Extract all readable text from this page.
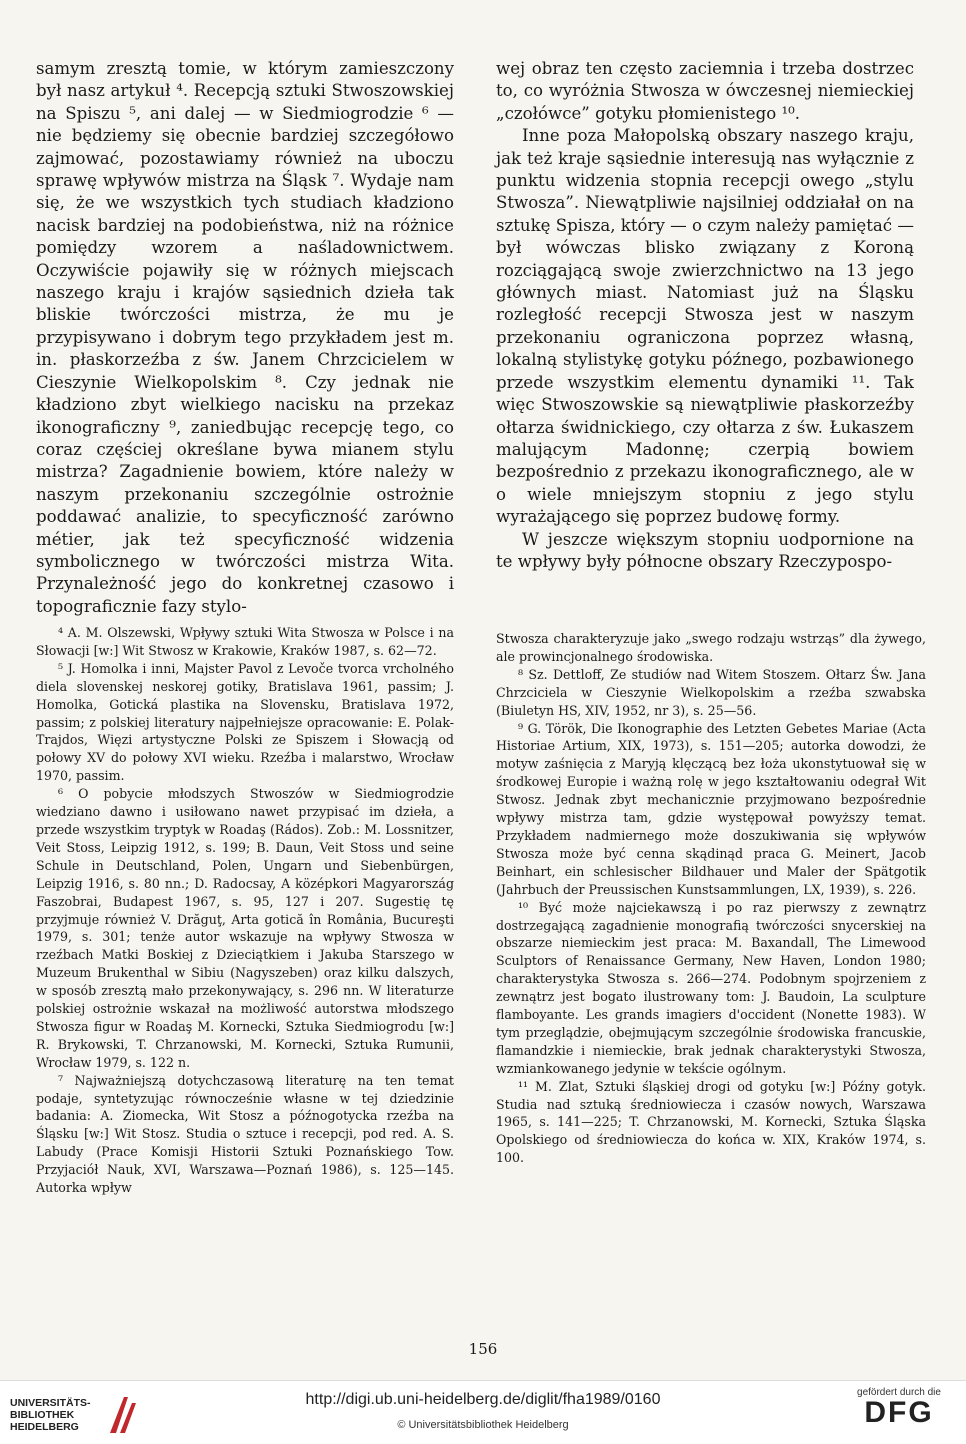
samym zresztą tomie, w którym zamieszczony był nasz artykuł ⁴. Recepcją sztuki Stwoszowskiej na Spiszu ⁵, ani dalej — w Siedmiogrodzie ⁶ — nie będziemy się obecnie bardziej szczegółowo zajmować, pozostawiamy również na uboczu sprawę wpływów mistrza na Śląsk ⁷. Wydaje nam się, że we wszystkich tych studiach kładziono nacisk bardziej na podobieństwa, niż na różnice pomiędzy wzorem a naśladownictwem. Oczywiście pojawiły się w różnych miejscach naszego kraju i krajów sąsiednich dzieła tak bliskie twórczości mistrza, że mu je przypisywano i dobrym tego przykładem jest m. in. płaskorzeźba z św. Janem Chrzcicielem w Cieszynie Wielkopolskim ⁸. Czy jednak nie kładziono zbyt wielkiego nacisku na przekaz ikonograficzny ⁹, zaniedbując recepcję tego, co coraz częściej określane bywa mianem stylu mistrza? Zagadnienie bowiem, które należy w naszym przekonaniu szczególnie ostrożnie poddawać analizie, to specyficzność zarówno métier, jak też specyficzność widzenia symbolicznego w twórczości mistrza Wita. Przynależność jego do konkretnej czasowo i topograficznie fazy stylo-

wej obraz ten często zaciemnia i trzeba dostrzec to, co wyróżnia Stwosza w ówczesnej niemieckiej „czołówce” gotyku płomienistego ¹⁰.

Inne poza Małopolską obszary naszego kraju, jak też kraje sąsiednie interesują nas wyłącznie z punktu widzenia stopnia recepcji owego „stylu Stwosza”. Niewątpliwie najsilniej oddziałał on na sztukę Spisza, który — o czym należy pamiętać — był wówczas blisko związany z Koroną rozciągającą swoje zwierzchnictwo na 13 jego głównych miast. Natomiast już na Śląsku rozległość recepcji Stwosza jest w naszym przekonaniu ograniczona poprzez własną, lokalną stylistykę gotyku późnego, pozbawionego przede wszystkim elementu dynamiki ¹¹. Tak więc Stwoszowskie są niewątpliwie płaskorzeźby ołtarza świdnickiego, czy ołtarza z św. Łukaszem malującym Madonnę; czerpią bowiem bezpośrednio z przekazu ikonograficznego, ale w o wiele mniejszym stopniu z jego stylu wyrażającego się poprzez budowę formy.

W jeszcze większym stopniu uodpornione na te wpływy były północne obszary Rzeczypospo-

⁴ A. M. Olszewski, Wpływy sztuki Wita Stwosza w Polsce i na Słowacji [w:] Wit Stwosz w Krakowie, Kraków 1987, s. 62—72.

⁵ J. Homolka i inni, Majster Pavol z Levoče tvorca vrcholného diela slovenskej neskorej gotiky, Bratislava 1961, passim; J. Homolka, Gotická plastika na Slovensku, Bratislava 1972, passim; z polskiej literatury najpełniejsze opracowanie: E. Polak-Trajdos, Więzi artystyczne Polski ze Spiszem i Słowacją od połowy XV do połowy XVI wieku. Rzeźba i malarstwo, Wrocław 1970, passim.

⁶ O pobycie młodszych Stwoszów w Siedmiogrodzie wiedziano dawno i usiłowano nawet przypisać im dzieła, a przede wszystkim tryptyk w Roadaş (Rádos). Zob.: M. Lossnitzer, Veit Stoss, Leipzig 1912, s. 199; B. Daun, Veit Stoss und seine Schule in Deutschland, Polen, Ungarn und Siebenbürgen, Leipzig 1916, s. 80 nn.; D. Radocsay, A középkori Magyarország Faszobrai, Budapest 1967, s. 95, 127 i 207. Sugestię tę przyjmuje również V. Drăguţ, Arta gotică în România, Bucureşti 1979, s. 301; tenże autor wskazuje na wpływy Stwosza w rzeźbach Matki Boskiej z Dzieciątkiem i Jakuba Starszego w Muzeum Brukenthal w Sibiu (Nagyszeben) oraz kilku dalszych, w sposób zresztą mało przekonywający, s. 296 nn. W literaturze polskiej ostrożnie wskazał na możliwość autorstwa młodszego Stwosza figur w Roadaş M. Kornecki, Sztuka Siedmiogrodu [w:] R. Brykowski, T. Chrzanowski, M. Kornecki, Sztuka Rumunii, Wrocław 1979, s. 122 n.

⁷ Najważniejszą dotychczasową literaturę na ten temat podaje, syntetyzując równocześnie własne w tej dziedzinie badania: A. Ziomecka, Wit Stosz a późnogotycka rzeźba na Śląsku [w:] Wit Stosz. Studia o sztuce i recepcji, pod red. A. S. Labudy (Prace Komisji Historii Sztuki Poznańskiego Tow. Przyjaciół Nauk, XVI, Warszawa—Poznań 1986), s. 125—145. Autorka wpływ

Stwosza charakteryzuje jako „swego rodzaju wstrząs” dla żywego, ale prowincjonalnego środowiska.

⁸ Sz. Dettloff, Ze studiów nad Witem Stoszem. Ołtarz Św. Jana Chrzciciela w Cieszynie Wielkopolskim a rzeźba szwabska (Biuletyn HS, XIV, 1952, nr 3), s. 25—56.

⁹ G. Török, Die Ikonographie des Letzten Gebetes Mariae (Acta Historiae Artium, XIX, 1973), s. 151—205; autorka dowodzi, że motyw zaśnięcia z Maryją klęczącą bez łoża ukonstytuował się w środkowej Europie i ważną rolę w jego kształtowaniu odegrał Wit Stwosz. Jednak zbyt mechanicznie przyjmowano bezpośrednie wpływy mistrza tam, gdzie występował powyższy temat. Przykładem nadmiernego może doszukiwania się wpływów Stwosza może być cenna skądinąd praca G. Meinert, Jacob Beinhart, ein schlesischer Bildhauer und Maler der Spätgotik (Jahrbuch der Preussischen Kunstsammlungen, LX, 1939), s. 226.

¹⁰ Być może najciekawszą i po raz pierwszy z zewnątrz dostrzegającą zagadnienie monografią twórczości snycerskiej na obszarze niemieckim jest praca: M. Baxandall, The Limewood Sculptors of Renaissance Germany, New Haven, London 1980; charakterystyka Stwosza s. 266—274. Podobnym spojrzeniem z zewnątrz jest bogato ilustrowany tom: J. Baudoin, La sculpture flamboyante. Les grands imagiers d'occident (Nonette 1983). W tym przeglądzie, obejmującym szczególnie środowiska francuskie, flamandzkie i niemieckie, brak jednak charakterystyki Stwosza, wzmiankowanego jedynie w tekście ogólnym.

¹¹ M. Zlat, Sztuki śląskiej drogi od gotyku [w:] Późny gotyk. Studia nad sztuką średniowiecza i czasów nowych, Warszawa 1965, s. 141—225; T. Chrzanowski, M. Kornecki, Sztuka Śląska Opolskiego od średniowiecza do końca w. XIX, Kraków 1974, s. 100.

156
UNIVERSITÄTS-
BIBLIOTHEK
HEIDELBERG
http://digi.ub.uni-heidelberg.de/diglit/fha1989/0160
© Universitätsbibliothek Heidelberg
gefördert durch die
DFG
